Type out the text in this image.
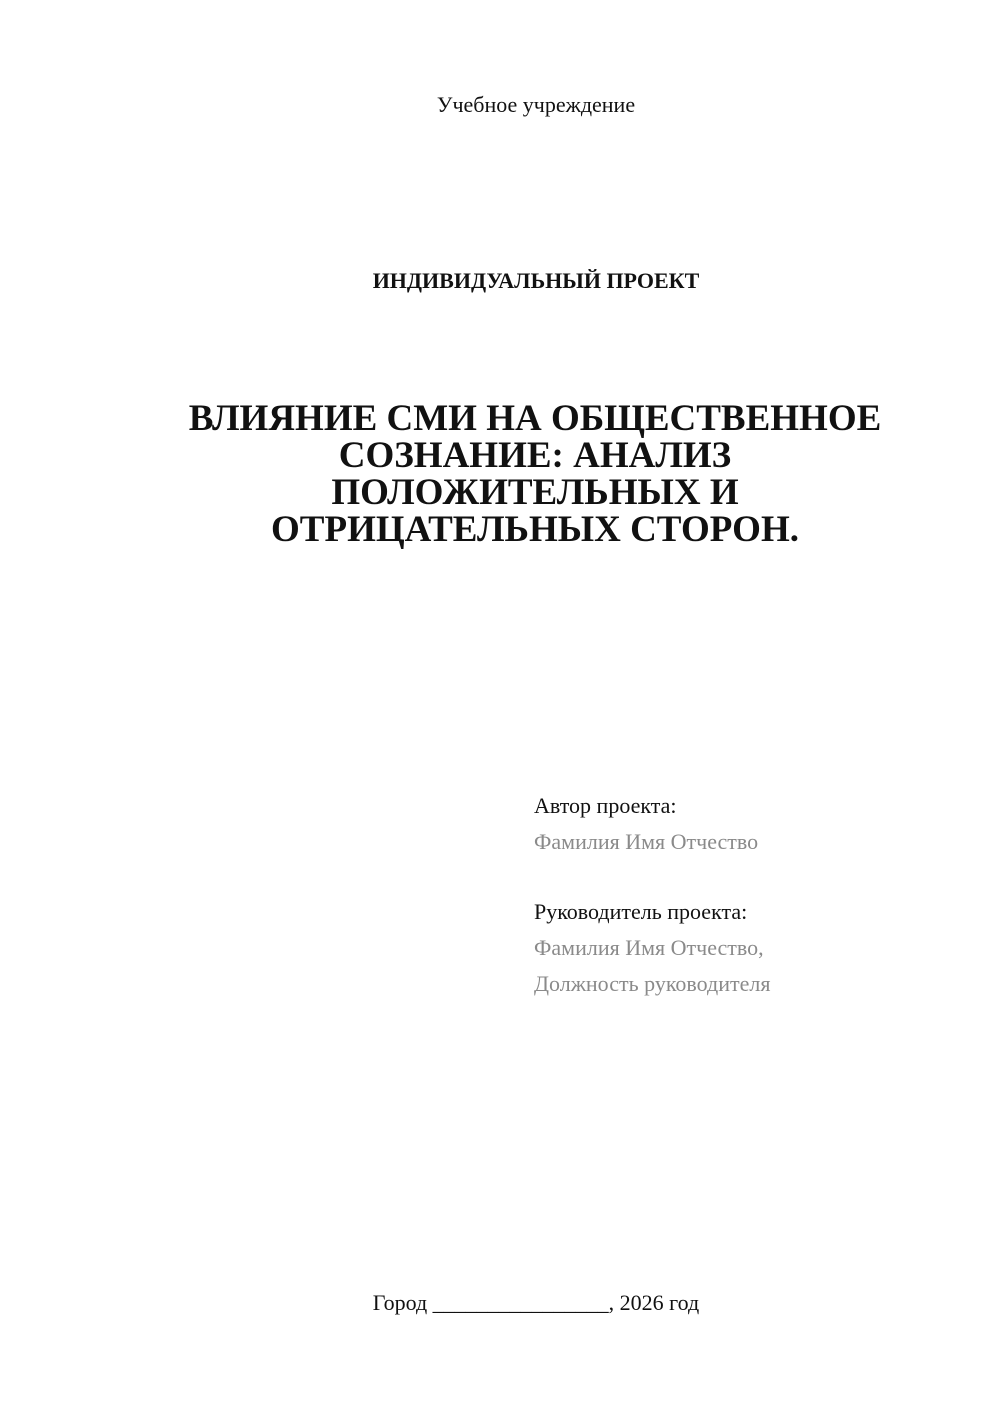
Учебное учреждение
ИНДИВИДУАЛЬНЫЙ ПРОЕКТ
ВЛИЯНИЕ СМИ НА ОБЩЕСТВЕННОЕ
СОЗНАНИЕ: АНАЛИЗ
ПОЛОЖИТЕЛЬНЫХ И
ОТРИЦАТЕЛЬНЫХ СТОРОН.
Автор проекта:
Фамилия Имя Отчество
Руководитель проекта:
Фамилия Имя Отчество,
Должность руководителя
Город ________________, 2026 год
